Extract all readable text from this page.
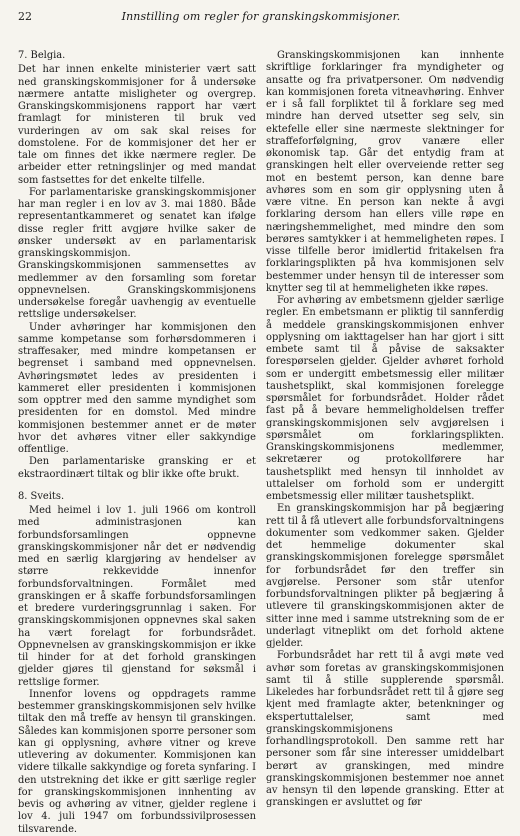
22	Innstilling om regler for granskingskommisjoner.
7. Belgia.

Det har innen enkelte ministerier vært satt ned granskingskommisjoner for å undersøke nærmere antatte misligheter og overgrep. Granskingskommisjonens rapport har vært framlagt for ministeren til bruk ved vurderingen av om sak skal reises for domstolene. For de kommisjoner det her er tale om finnes det ikke nærmere regler. De arbeider etter retningslinjer og med mandat som fastsettes for det enkelte tilfelle.

For parlamentariske granskingskommisjoner har man regler i en lov av 3. mai 1880. Både representantkammeret og senatet kan ifølge disse regler fritt avgjøre hvilke saker de ønsker undersøkt av en parlamentarisk granskingskommisjon. Granskingskommisjonen sammensettes av medlemmer av den forsamling som foretar oppnevnelsen. Granskingskommisjonens undersøkelse foregår uavhengig av eventuelle rettslige undersøkelser.

Under avhøringer har kommisjonen den samme kompetanse som forhørsdommeren i straffesaker, med mindre kompetansen er begrenset i samband med oppnevnelsen. Avhøringsmøtet ledes av presidenten i kammeret eller presidenten i kommisjonen som opptrer med den samme myndighet som presidenten for en domstol. Med mindre kommisjonen bestemmer annet er de møter hvor det avhøres vitner eller sakkyndige offentlige.

Den parlamentariske gransking er et ekstraordinært tiltak og blir ikke ofte brukt.

8. Sveits.

Med heimel i lov 1. juli 1966 om kontroll med administrasjonen kan forbundsforsamlingen oppnevne granskingskommisjoner når det er nødvendig med en særlig klargjøring av hendelser av større rekkevidde innenfor forbundsforvaltningen. Formålet med granskingen er å skaffe forbundsforsamlingen et bredere vurderingsgrunnlag i saken. For granskingskommisjonen oppnevnes skal saken ha vært forelagt for forbundsrådet. Oppnevnelsen av granskingskommisjon er ikke til hinder for at det forhold granskingen gjelder gjøres til gjenstand for søksmål i rettslige former.

Innenfor lovens og oppdragets ramme bestemmer granskingskommisjonen selv hvilke tiltak den må treffe av hensyn til granskingen. Således kan kommisjonen sporre personer som kan gi opplysning, avhøre vitner og kreve utlevering av dokumenter. Kommisjonen kan videre tilkalle sakkyndige og foreta synfaring. I den utstrekning det ikke er gitt særlige regler for granskingskommisjonen innhenting av bevis og avhøring av vitner, gjelder reglene i lov 4. juli 1947 om forbundssivilprosessen tilsvarende.

Granskingskommisjonen kan innhente skriftlige forklaringer fra myndigheter og ansatte og fra privatpersoner. Om nødvendig kan kommisjonen foreta vitneavhøring. Enhver er i så fall forpliktet til å forklare seg med mindre han derved utsetter seg selv, sin ektefelle eller sine nærmeste slektninger for straffeforfølgning, grov vanære eller økonomisk tap. Går det entydig fram at granskingen helt eller overveiende retter seg mot en bestemt person, kan denne bare avhøres som en som gir opplysning uten å være vitne. En person kan nekte å avgi forklaring dersom han ellers ville røpe en næringshemmelighet, med mindre den som berøres samtykker i at hemmeligheten røpes. I visse tilfelle beror imidlertid fritakelsen fra forklaringsplikten på hva kommisjonen selv bestemmer under hensyn til de interesser som knytter seg til at hemmeligheten ikke røpes.

For avhøring av embetsmenn gjelder særlige regler. En embetsmann er pliktig til sannferdig å meddele granskingskommisjonen enhver opplysning om iakttagelser han har gjort i sitt embete samt til å påvise de saksakter forespørselen gjelder. Gjelder avhøret forhold som er undergitt embetsmessig eller militær taushetsplikt, skal kommisjonen forelegge spørsmålet for forbundsrådet. Holder rådet fast på å bevare hemmeligholdelsen treffer granskingskommisjonen selv avgjørelsen i spørsmålet om forklaringsplikten. Granskingskommisjonens medlemmer, sekretærer og protokollførere har taushetsplikt med hensyn til innholdet av uttalelser om forhold som er undergitt embetsmessig eller militær taushetsplikt.

En granskingskommisjon har på begjæring rett til å få utlevert alle forbundsforvaltningens dokumenter som vedkommer saken. Gjelder det hemmelige dokumenter skal granskingskommisjonen forelegge spørsmålet for forbundsrådet før den treffer sin avgjørelse. Personer som står utenfor forbundsforvaltningen plikter på begjæring å utlevere til granskingskommisjonen akter de sitter inne med i samme utstrekning som de er underlagt vitneplikt om det forhold aktene gjelder.

Forbundsrådet har rett til å avgi møte ved avhør som foretas av granskingskommisjonen samt til å stille supplerende spørsmål. Likeledes har forbundsrådet rett til å gjøre seg kjent med framlagte akter, betenkninger og ekspertuttalelser, samt med granskingskommisjonens forhandlingsprotokoll. Den samme rett har personer som får sine interesser umiddelbart berørt av granskingen, med mindre granskingskommisjonen bestemmer noe annet av hensyn til den løpende gransking. Etter at granskingen er avsluttet og før
